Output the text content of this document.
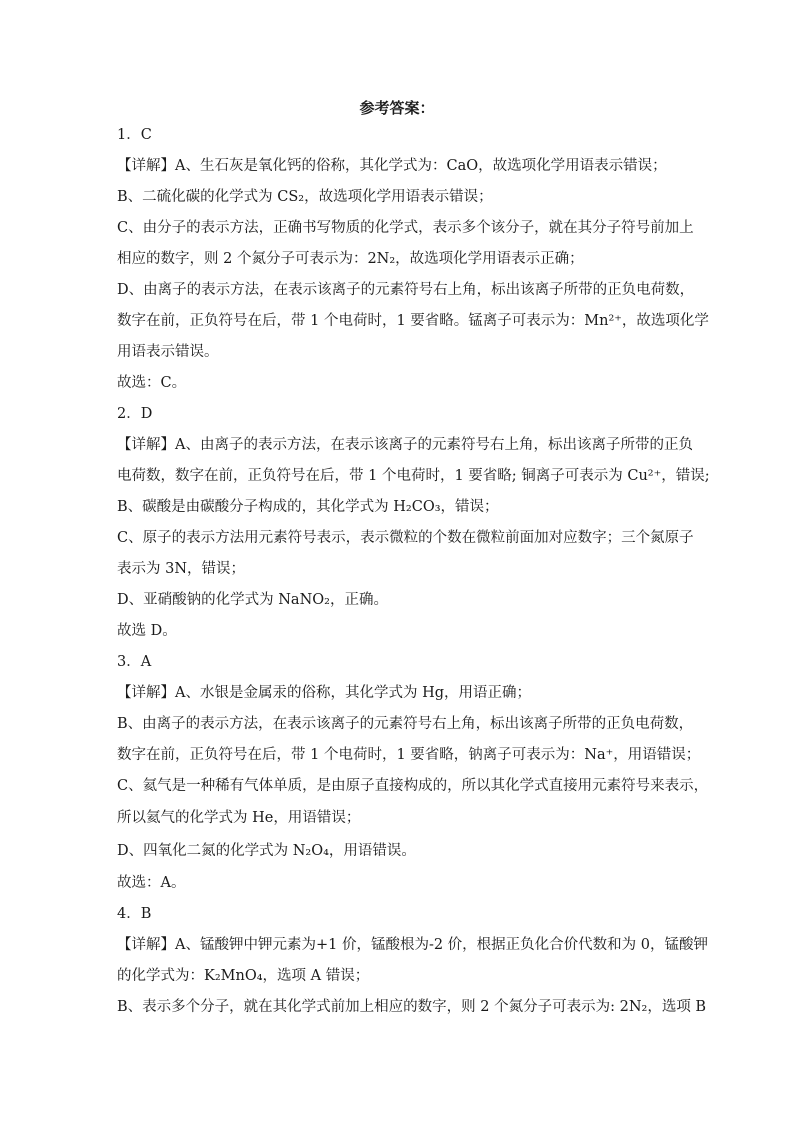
参考答案：
1．C
【详解】A、生石灰是氧化钙的俗称，其化学式为：CaO，故选项化学用语表示错误；
B、二硫化碳的化学式为 CS₂，故选项化学用语表示错误；
C、由分子的表示方法，正确书写物质的化学式，表示多个该分子，就在其分子符号前加上
相应的数字，则 2 个氮分子可表示为：2N₂，故选项化学用语表示正确；
D、由离子的表示方法，在表示该离子的元素符号右上角，标出该离子所带的正负电荷数，
数字在前，正负符号在后，带 1 个电荷时，1 要省略。锰离子可表示为：Mn²⁺，故选项化学
用语表示错误。
故选：C。
2．D
【详解】A、由离子的表示方法，在表示该离子的元素符号右上角，标出该离子所带的正负
电荷数，数字在前，正负符号在后，带 1 个电荷时，1 要省略; 铜离子可表示为 Cu²⁺，错误;
B、碳酸是由碳酸分子构成的，其化学式为 H₂CO₃，错误；
C、原子的表示方法用元素符号表示，表示微粒的个数在微粒前面加对应数字；三个氮原子
表示为 3N，错误；
D、亚硝酸钠的化学式为 NaNO₂，正确。
故选 D。
3．A
【详解】A、水银是金属汞的俗称，其化学式为 Hg，用语正确；
B、由离子的表示方法，在表示该离子的元素符号右上角，标出该离子所带的正负电荷数，
数字在前，正负符号在后，带 1 个电荷时，1 要省略，钠离子可表示为：Na⁺，用语错误；
C、氦气是一种稀有气体单质，是由原子直接构成的，所以其化学式直接用元素符号来表示，
所以氦气的化学式为 He，用语错误；
D、四氧化二氮的化学式为 N₂O₄，用语错误。
故选：A。
4．B
【详解】A、锰酸钾中钾元素为+1 价，锰酸根为-2 价，根据正负化合价代数和为 0，锰酸钾
的化学式为：K₂MnO₄，选项 A 错误；
B、表示多个分子，就在其化学式前加上相应的数字，则 2 个氮分子可表示为: 2N₂，选项 B
